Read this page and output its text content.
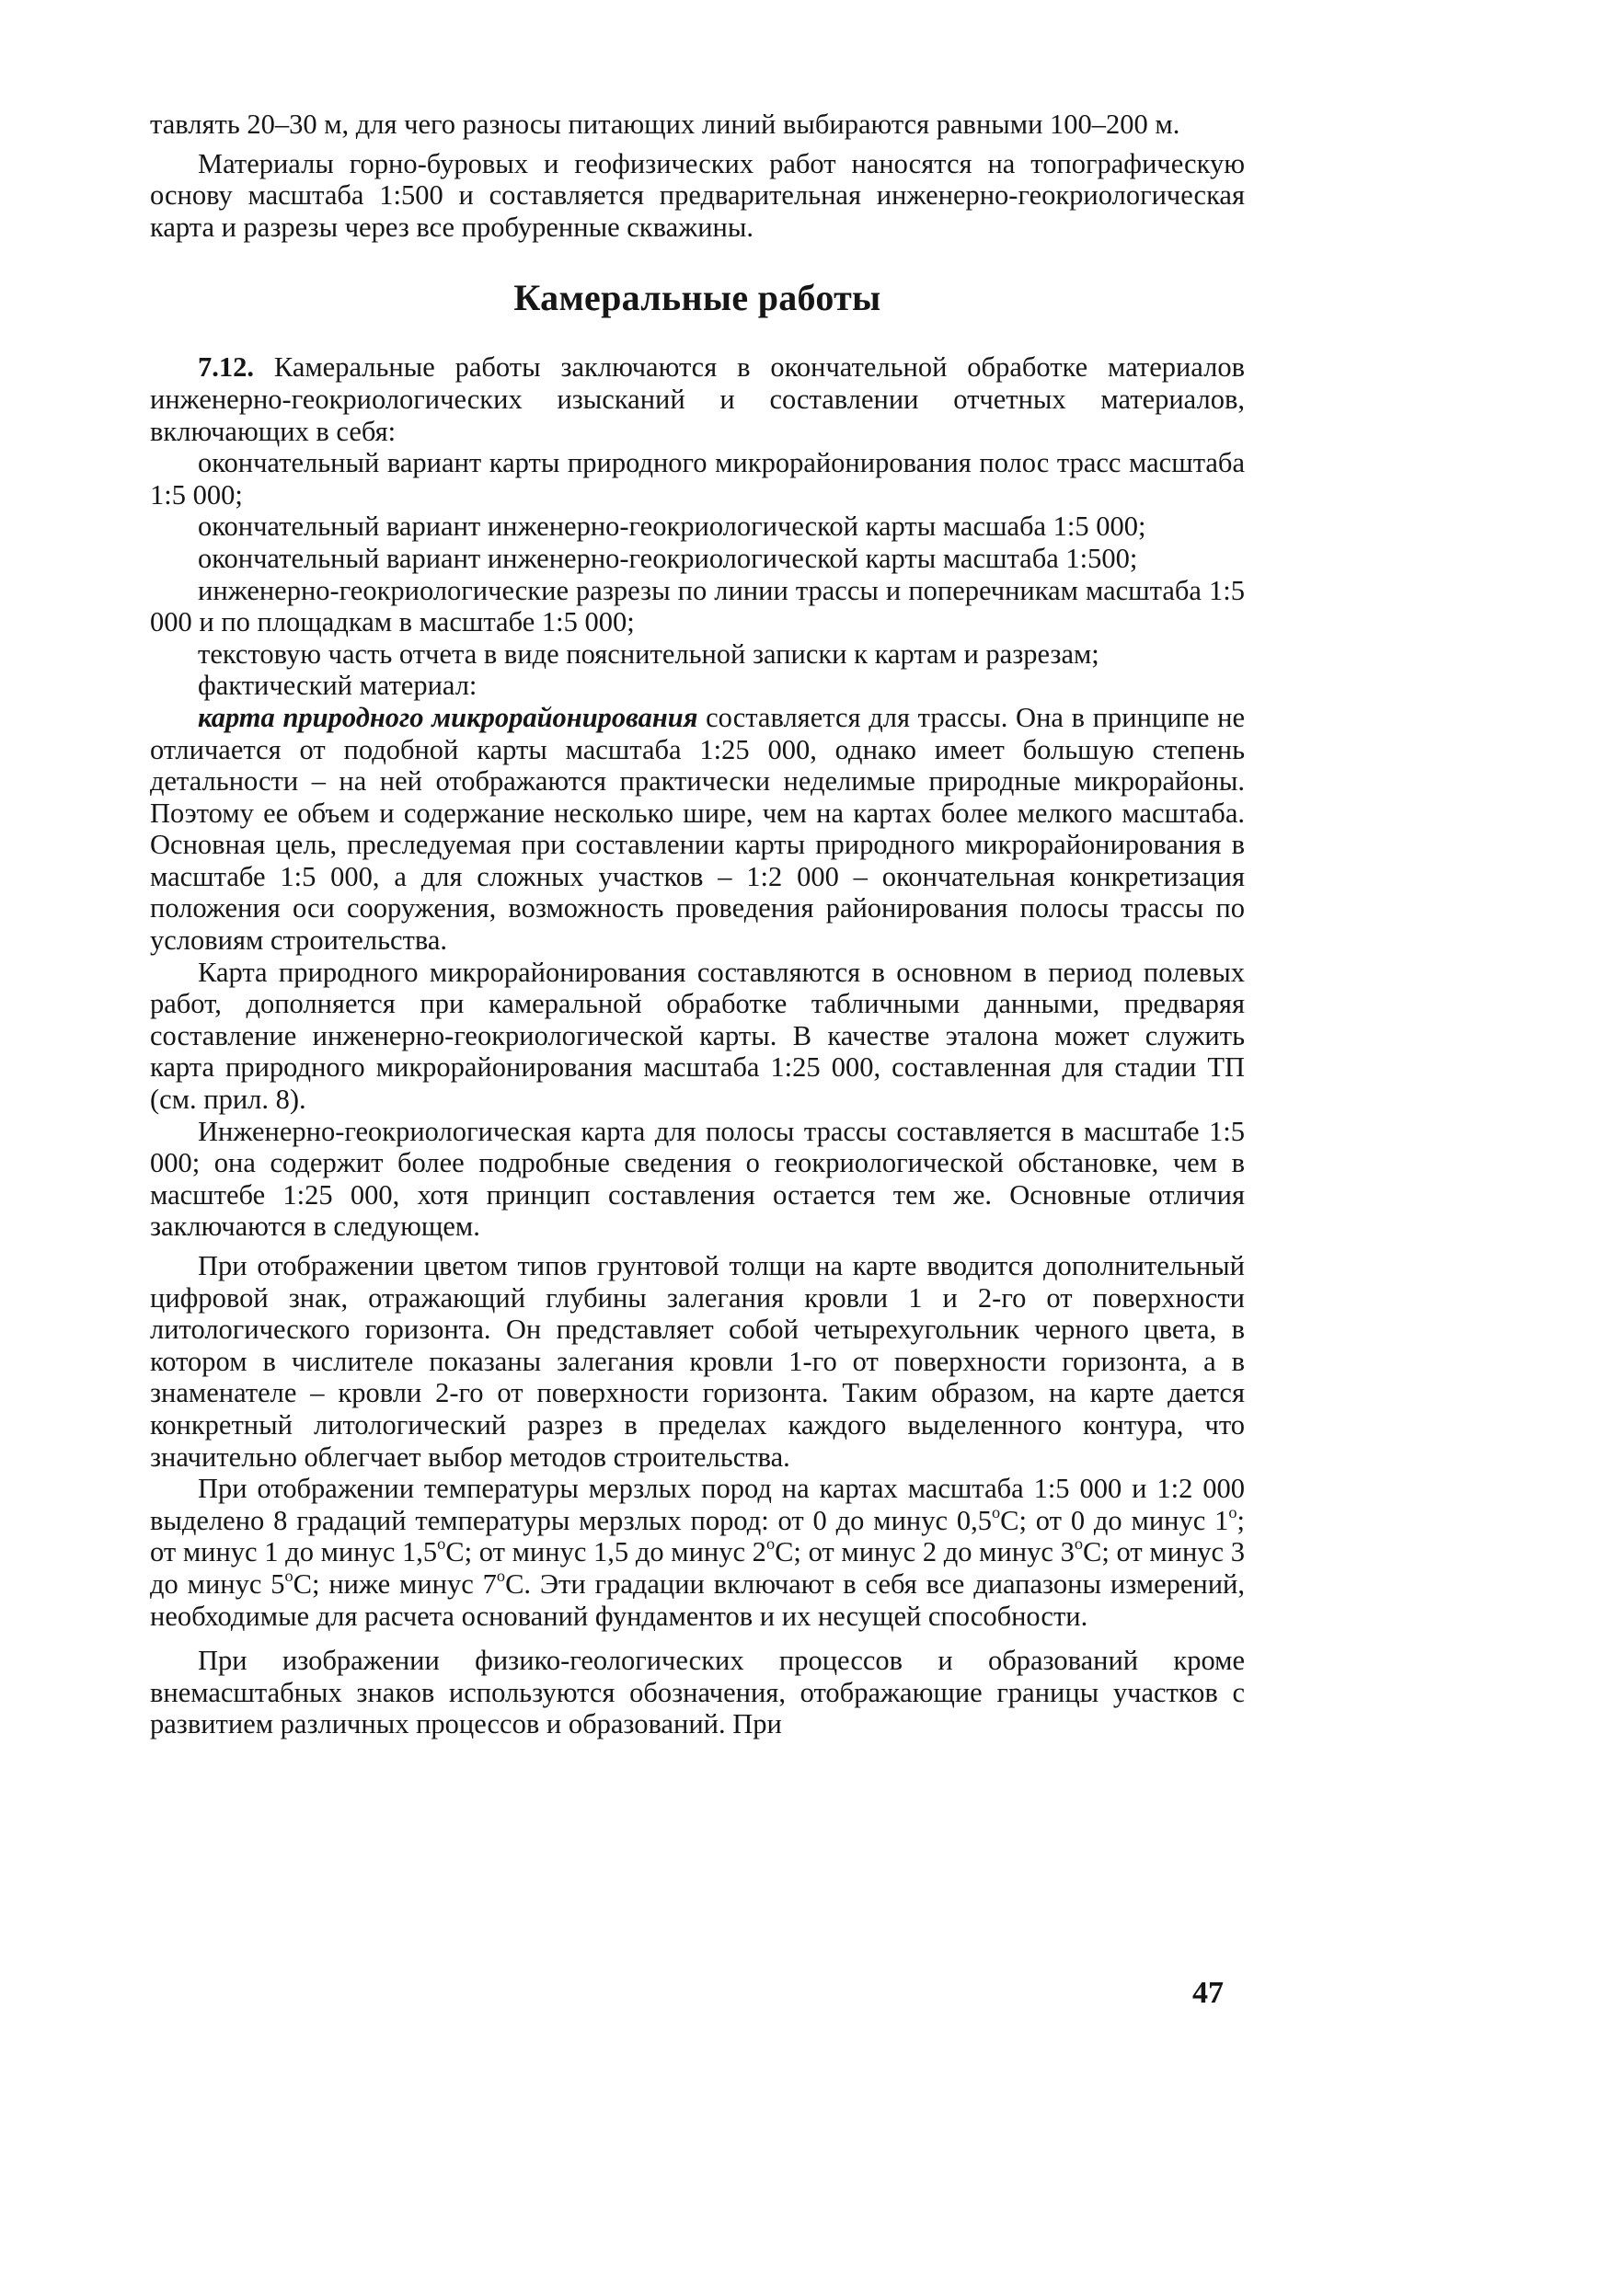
тавлять 20–30 м, для чего разносы питающих линий выбираются равными 100–200 м.

Материалы горно-буровых и геофизических работ наносятся на топографическую основу масштаба 1:500 и составляется предварительная инженерно-геокриологическая карта и разрезы через все пробуренные скважины.

Камеральные работы

7.12. Камеральные работы заключаются в окончательной обработке материалов инженерно-геокриологических изысканий и составлении отчетных материалов, включающих в себя:

окончательный вариант карты природного микрорайонирования полос трасс масштаба 1:5 000;

окончательный вариант инженерно-геокриологической карты масшаба 1:5 000;

окончательный вариант инженерно-геокриологической карты масштаба 1:500;

инженерно-геокриологические разрезы по линии трассы и поперечникам масштаба 1:5 000 и по площадкам в масштабе 1:5 000;

текстовую часть отчета в виде пояснительной записки к картам и разрезам;

фактический материал:

карта природного микрорайонирования составляется для трассы. Она в принципе не отличается от подобной карты масштаба 1:25 000, однако имеет большую степень детальности – на ней отображаются практически неделимые природные микрорайоны. Поэтому ее объем и содержание несколько шире, чем на картах более мелкого масштаба. Основная цель, преследуемая при составлении карты природного микрорайонирования в масштабе 1:5 000, а для сложных участков – 1:2 000 – окончательная конкретизация положения оси сооружения, возможность проведения районирования полосы трассы по условиям строительства.

Карта природного микрорайонирования составляются в основном в период полевых работ, дополняется при камеральной обработке табличными данными, предваряя составление инженерно-геокриологической карты. В качестве эталона может служить карта природного микрорайонирования масштаба 1:25 000, составленная для стадии ТП (см. прил. 8).

Инженерно-геокриологическая карта для полосы трассы составляется в масштабе 1:5 000; она содержит более подробные сведения о геокриологической обстановке, чем в масштебе 1:25 000, хотя принцип составления остается тем же. Основные отличия заключаются в следующем.

При отображении цветом типов грунтовой толщи на карте вводится дополнительный цифровой знак, отражающий глубины залегания кровли 1 и 2-го от поверхности литологического горизонта. Он представляет собой четырехугольник черного цвета, в котором в числителе показаны залегания кровли 1-го от поверхности горизонта, а в знаменателе – кровли 2-го от поверхности горизонта. Таким образом, на карте дается конкретный литологический разрез в пределах каждого выделенного контура, что значительно облегчает выбор методов строительства.

При отображении температуры мерзлых пород на картах масштаба 1:5 000 и 1:2 000 выделено 8 градаций температуры мерзлых пород: от 0 до минус $0,5^оС$; от 0 до минус $1^о$; от минус 1 до минус $1,5^оС$; от минус 1,5 до минус $2^оС$; от минус 2 до минус $3^оС$; от минус 3 до минус $5^оС$; ниже минус $7^оС$. Эти градации включают в себя все диапазоны измерений, необходимые для расчета оснований фундаментов и их несущей способности.

При изображении физико-геологических процессов и образований кроме внемасштабных знаков используются обозначения, отображающие границы участков с развитием различных процессов и образований. При

47
